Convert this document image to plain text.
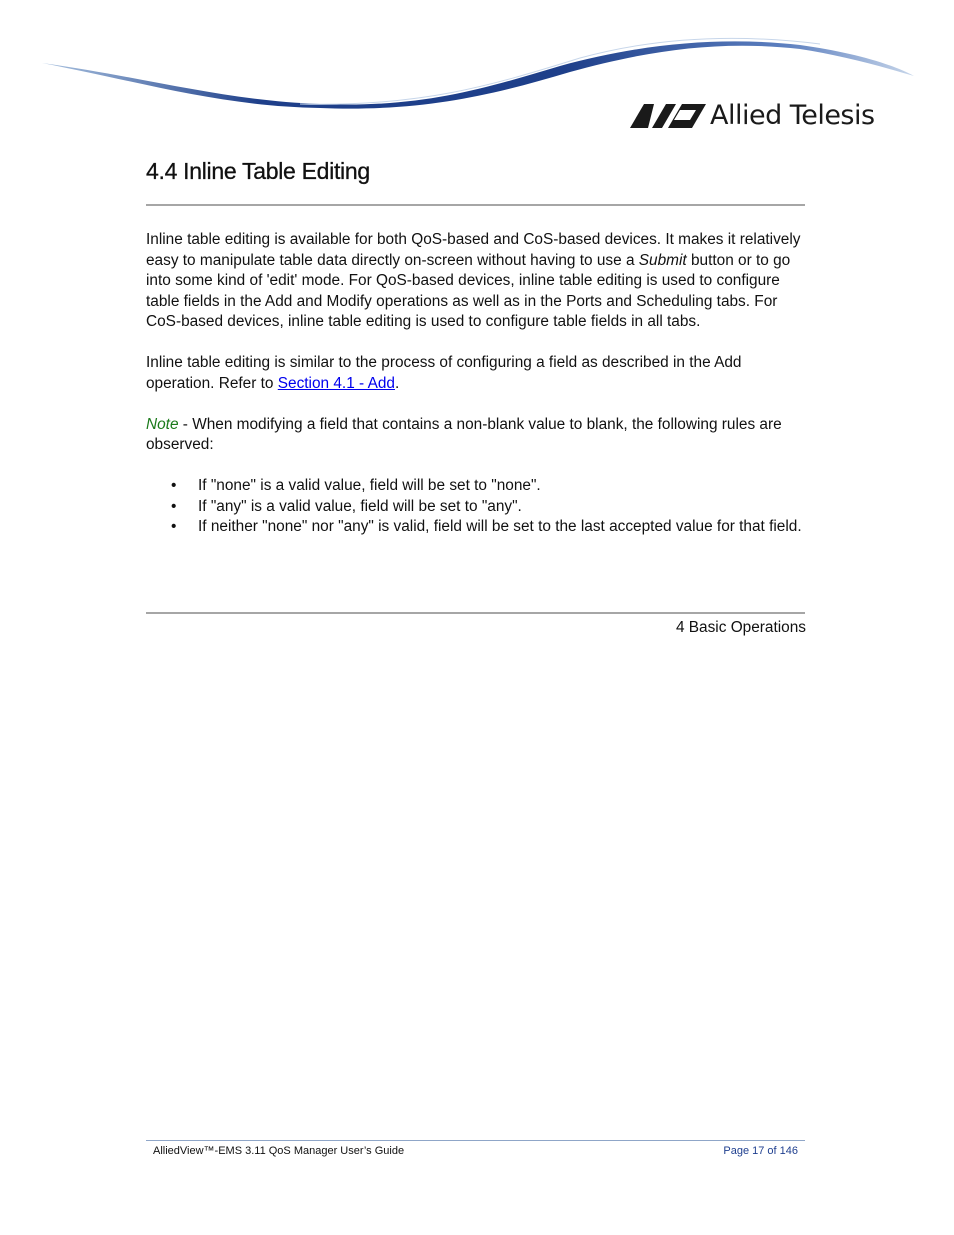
Allied Telesis
4.4 Inline Table Editing

Inline table editing is available for both QoS-based and CoS-based devices. It makes it relatively easy to manipulate table data directly on-screen without having to use a Submit button or to go into some kind of 'edit' mode. For QoS-based devices, inline table editing is used to configure table fields in the Add and Modify operations as well as in the Ports and Scheduling tabs. For CoS-based devices, inline table editing is used to configure table fields in all tabs.

Inline table editing is similar to the process of configuring a field as described in the Add operation. Refer to Section 4.1 - Add.

Note - When modifying a field that contains a non-blank value to blank, the following rules are observed:

• If "none" is a valid value, field will be set to "none".
• If "any" is a valid value, field will be set to "any".
• If neither "none" nor "any" is valid, field will be set to the last accepted value for that field.
4 Basic Operations
AlliedView™-EMS 3.11 QoS Manager User’s Guide	Page 17 of 146
